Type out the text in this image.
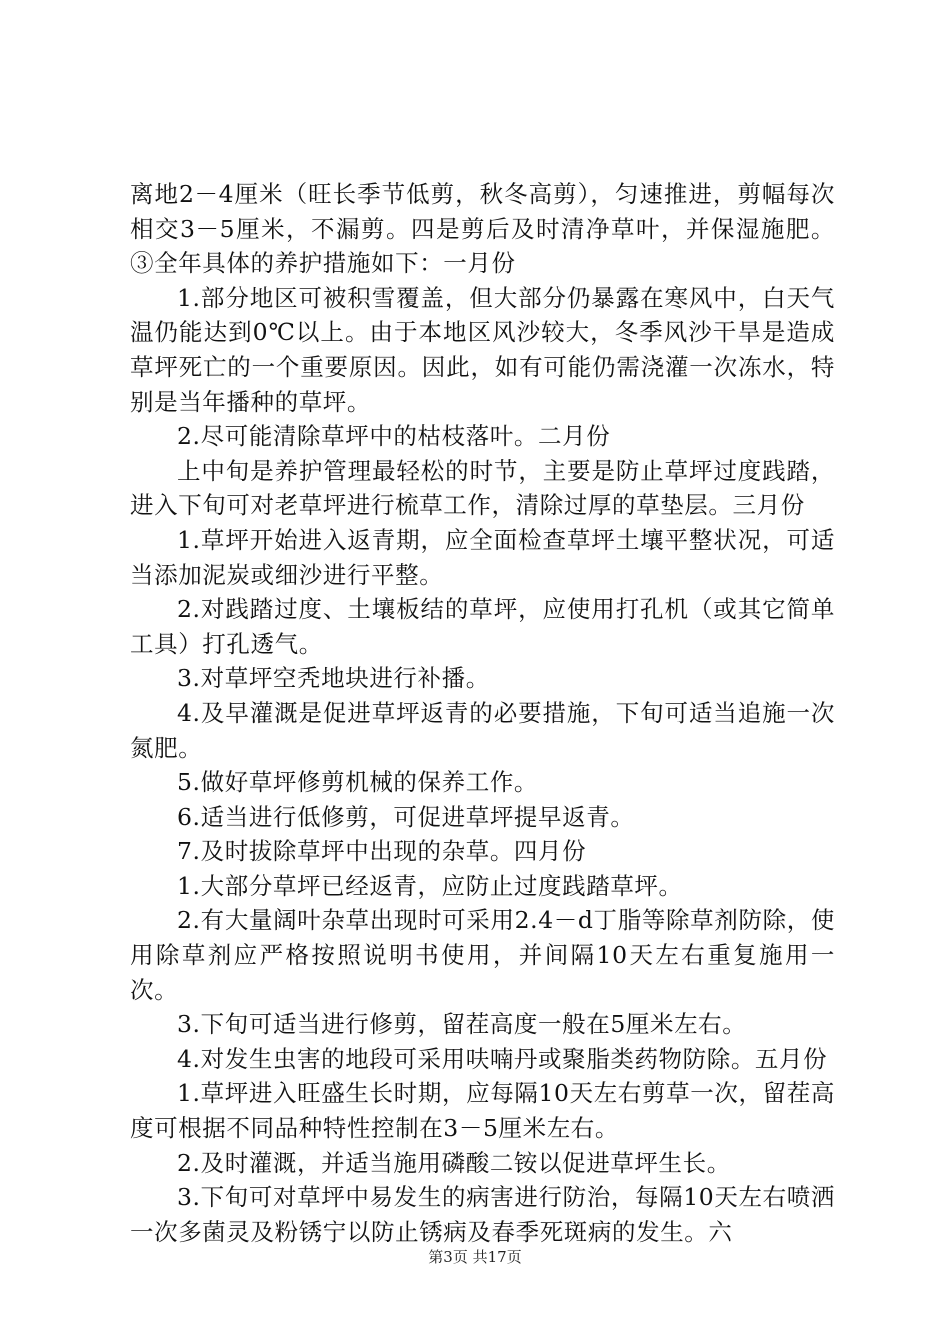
离地2－4厘米（旺长季节低剪，秋冬高剪），匀速推进，剪幅每次相交3－5厘米，不漏剪。四是剪后及时清净草叶，并保湿施肥。③全年具体的养护措施如下：一月份

1.部分地区可被积雪覆盖，但大部分仍暴露在寒风中，白天气温仍能达到0℃以上。由于本地区风沙较大，冬季风沙干旱是造成草坪死亡的一个重要原因。因此，如有可能仍需浇灌一次冻水，特别是当年播种的草坪。

2.尽可能清除草坪中的枯枝落叶。二月份

上中旬是养护管理最轻松的时节，主要是防止草坪过度践踏，进入下旬可对老草坪进行梳草工作，清除过厚的草垫层。三月份

1.草坪开始进入返青期，应全面检查草坪土壤平整状况，可适当添加泥炭或细沙进行平整。

2.对践踏过度、土壤板结的草坪，应使用打孔机（或其它简单工具）打孔透气。

3.对草坪空秃地块进行补播。

4.及早灌溉是促进草坪返青的必要措施，下旬可适当追施一次氮肥。

5.做好草坪修剪机械的保养工作。

6.适当进行低修剪，可促进草坪提早返青。

7.及时拔除草坪中出现的杂草。四月份

1.大部分草坪已经返青，应防止过度践踏草坪。

2.有大量阔叶杂草出现时可采用2.4－d丁脂等除草剂防除，使用除草剂应严格按照说明书使用，并间隔10天左右重复施用一次。

3.下旬可适当进行修剪，留茬高度一般在5厘米左右。

4.对发生虫害的地段可采用呋喃丹或聚脂类药物防除。五月份

1.草坪进入旺盛生长时期，应每隔10天左右剪草一次，留茬高度可根据不同品种特性控制在3－5厘米左右。

2.及时灌溉，并适当施用磷酸二铵以促进草坪生长。

3.下旬可对草坪中易发生的病害进行防治，每隔10天左右喷洒一次多菌灵及粉锈宁以防止锈病及春季死斑病的发生。六

第3页 共17页
